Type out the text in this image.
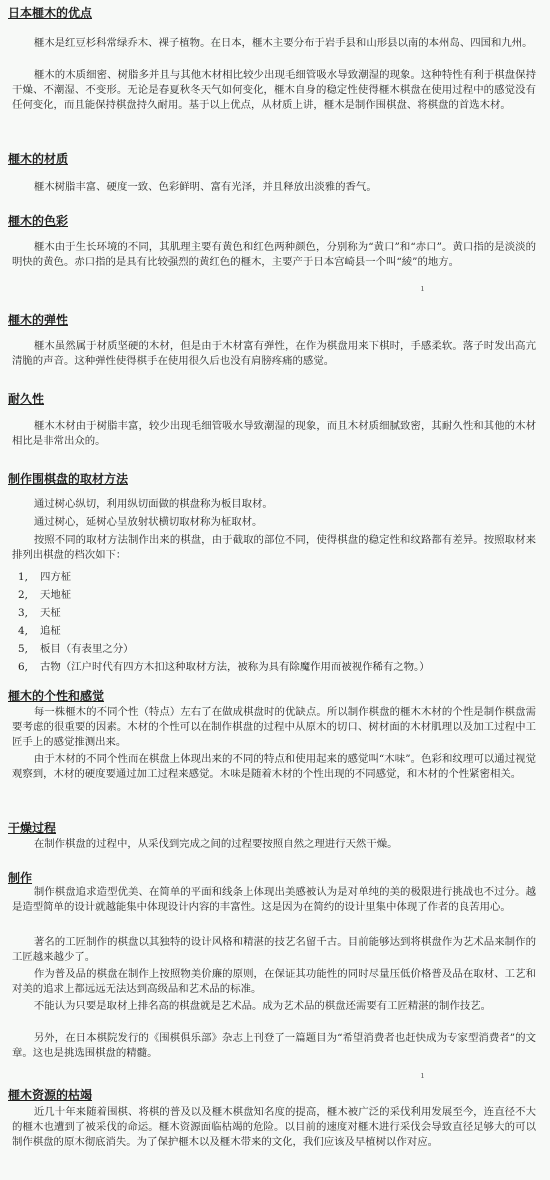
日本榧木的优点

榧木是红豆杉科常绿乔木、裸子植物。在日本，榧木主要分布于岩手县和山形县以南的本州岛、四国和九州。

榧木的木质细密、树脂多并且与其他木材相比较少出现毛细管吸水导致潮湿的现象。这种特性有利于棋盘保持干燥、不潮湿、不变形。无论是春夏秋冬天气如何变化，榧木自身的稳定性使得榧木棋盘在使用过程中的感觉没有任何变化，而且能保持棋盘持久耐用。基于以上优点，从材质上讲，榧木是制作围棋盘、将棋盘的首选木材。

榧木的材质

榧木树脂丰富、硬度一致、色彩鲜明、富有光泽，并且释放出淡雅的香气。

榧木的色彩

榧木由于生长环境的不同，其肌理主要有黄色和红色两种颜色，分别称为“黄口”和“赤口”。黄口指的是淡淡的明快的黄色。赤口指的是具有比较强烈的黄红色的榧木，主要产于日本宫崎县一个叫“綾”的地方。

ı
榧木的弹性

榧木虽然属于材质坚硬的木材，但是由于木材富有弹性，在作为棋盘用来下棋时，手感柔软。落子时发出高亢清脆的声音。这种弹性使得棋手在使用很久后也没有肩膀疼痛的感觉。

耐久性

榧木木材由于树脂丰富，较少出现毛细管吸水导致潮湿的现象，而且木材质细腻致密，其耐久性和其他的木材相比是非常出众的。

制作围棋盘的取材方法

通过树心纵切，利用纵切面做的棋盘称为板目取材。

通过树心，延树心呈放射状横切取材称为柾取材。

按照不同的取材方法制作出来的棋盘，由于截取的部位不同，使得棋盘的稳定性和纹路都有差异。按照取材来排列出棋盘的档次如下：

1, 四方柾
2, 天地柾
3, 天柾
4, 追柾
5, 板目（有表里之分）
6, 古物（江户时代有四方木扣这种取材方法，被称为具有除魔作用而被视作稀有之物。）
榧木的个性和感觉

每一株榧木的不同个性（特点）左右了在做成棋盘时的优缺点。所以制作棋盘的榧木木材的个性是制作棋盘需要考虑的很重要的因素。木材的个性可以在制作棋盘的过程中从原木的切口、树材面的木材肌理以及加工过程中工匠手上的感觉推测出来。

由于木材的不同个性而在棋盘上体现出来的不同的特点和使用起来的感觉叫“木味”。色彩和纹理可以通过视觉观察到，木材的硬度要通过加工过程来感觉。木味是随着木材的个性出现的不同感觉，和木材的个性紧密相关。

干燥过程

在制作棋盘的过程中，从采伐到完成之间的过程要按照自然之理进行天然干燥。

制作

制作棋盘追求造型优美、在简单的平面和线条上体现出美感被认为是对单纯的美的极限进行挑战也不过分。越是造型简单的设计就越能集中体现设计内容的丰富性。这是因为在简约的设计里集中体现了作者的良苦用心。

著名的工匠制作的棋盘以其独特的设计风格和精湛的技艺名留千古。目前能够达到将棋盘作为艺术品来制作的工匠越来越少了。

作为普及品的棋盘在制作上按照物美价廉的原则，在保证其功能性的同时尽量压低价格普及品在取材、工艺和对美的追求上都远远无法达到高级品和艺术品的标准。

不能认为只要是取材上排名高的棋盘就是艺术品。成为艺术品的棋盘还需要有工匠精湛的制作技艺。

另外，在日本棋院发行的《围棋俱乐部》杂志上刊登了一篇题目为“希望消费者也赶快成为专家型消费者”的文章。这也是挑选围棋盘的精髓。

ı
榧木资源的枯竭

近几十年来随着围棋、将棋的普及以及榧木棋盘知名度的提高，榧木被广泛的采伐利用发展至今，连直径不大的榧木也遭到了被采伐的命运。榧木资源面临枯竭的危险。以目前的速度对榧木进行采伐会导致直径足够大的可以制作棋盘的原木彻底消失。为了保护榧木以及榧木带来的文化，我们应该及早植树以作对应。
